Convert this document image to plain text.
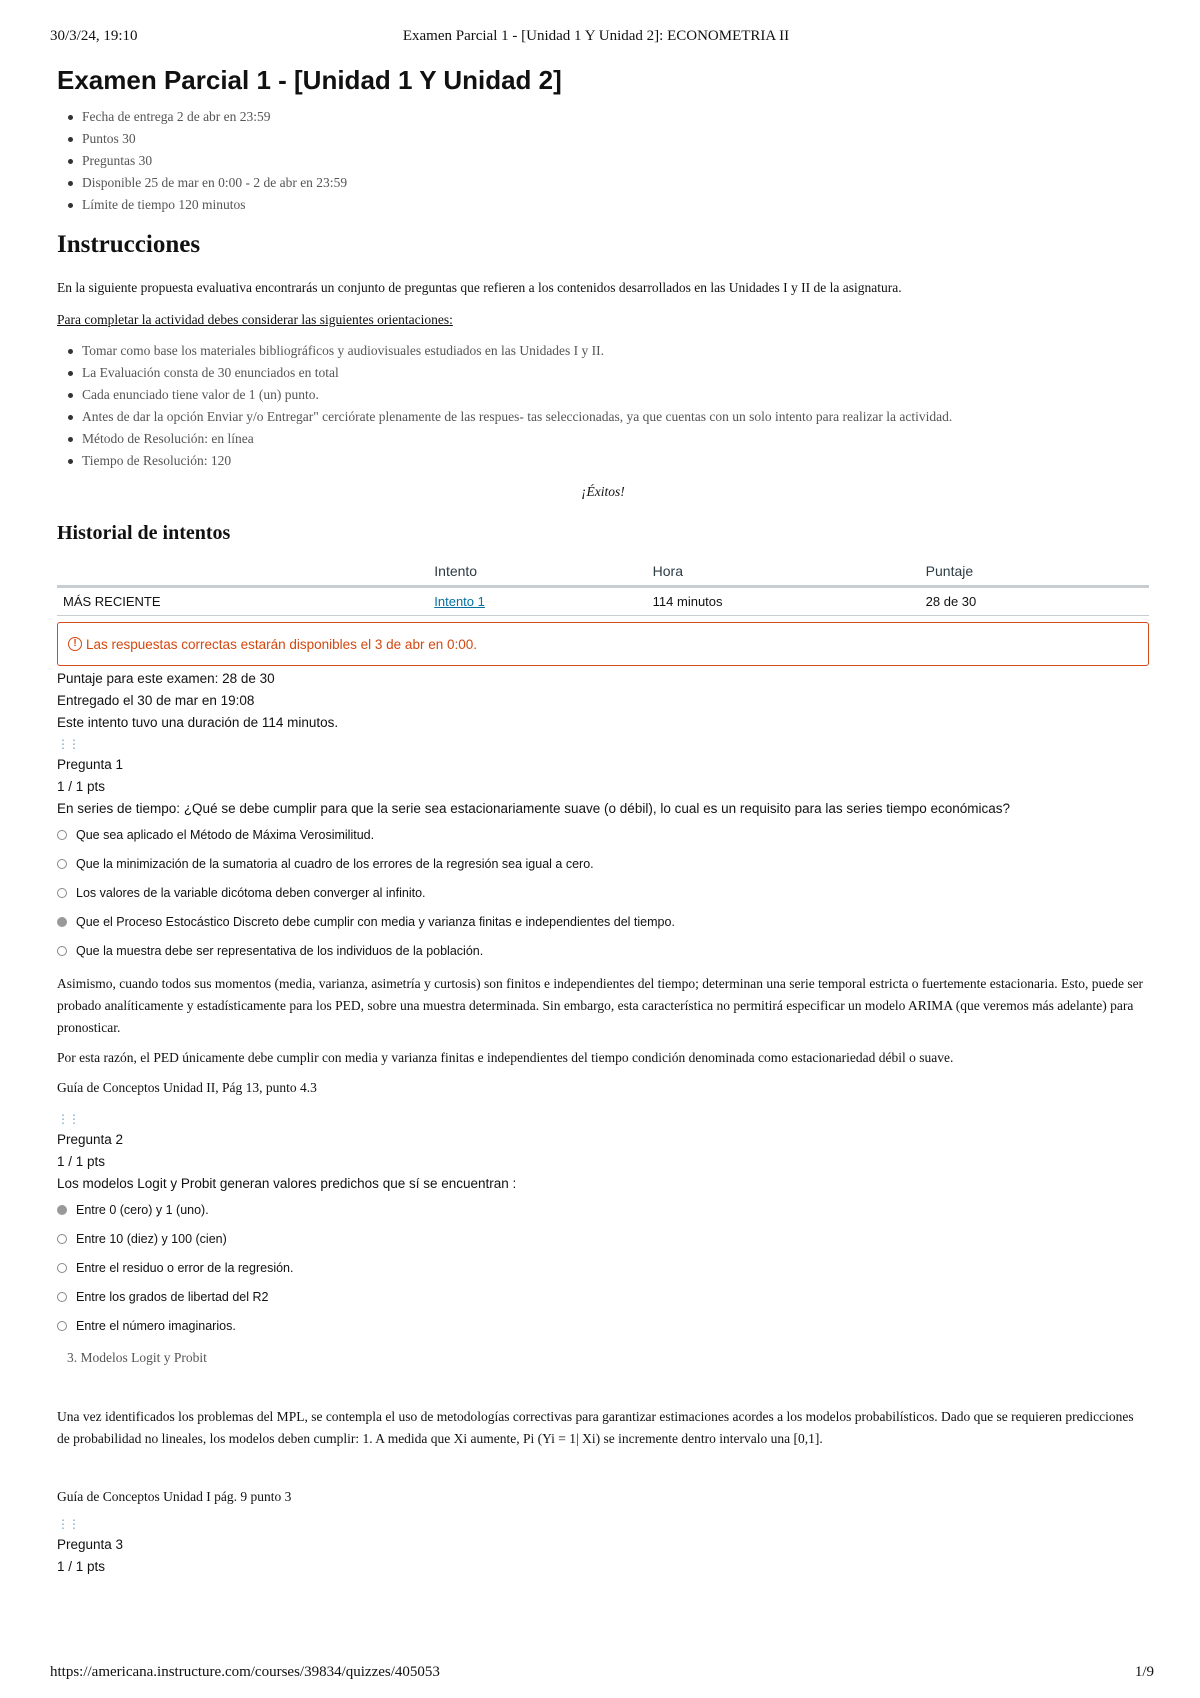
30/3/24, 19:10	Examen Parcial 1 - [Unidad 1 Y Unidad 2]: ECONOMETRIA II
Examen Parcial 1 - [Unidad 1 Y Unidad 2]
Fecha de entrega 2 de abr en 23:59
Puntos 30
Preguntas 30
Disponible 25 de mar en 0:00 - 2 de abr en 23:59
Límite de tiempo 120 minutos
Instrucciones

En la siguiente propuesta evaluativa encontrarás un conjunto de preguntas que refieren a los contenidos desarrollados en las Unidades I y II de la asignatura.

Para completar la actividad debes considerar las siguientes orientaciones:

Tomar como base los materiales bibliográficos y audiovisuales estudiados en las Unidades I y II.
La Evaluación consta de 30 enunciados en total
Cada enunciado tiene valor de 1 (un) punto.
Antes de dar la opción Enviar y/o Entregar" cerciórate plenamente de las respues- tas seleccionadas, ya que cuentas con un solo intento para realizar la actividad.
Método de Resolución: en línea
Tiempo de Resolución: 120
¡Éxitos!
Historial de intentos
	Intento	Hora	Puntaje
MÁS RECIENTE	Intento 1	114 minutos	28 de 30
! Las respuestas correctas estarán disponibles el 3 de abr en 0:00.
Puntaje para este examen: 28 de 30
Entregado el 30 de mar en 19:08
Este intento tuvo una duración de 114 minutos.
⋮⋮
Pregunta 1
1 / 1 pts
En series de tiempo: ¿Qué se debe cumplir para que la serie sea estacionariamente suave (o débil), lo cual es un requisito para las series tiempo económicas?
Que sea aplicado el Método de Máxima Verosimilitud.
Que la minimización de la sumatoria al cuadro de los errores de la regresión sea igual a cero.
Los valores de la variable dicótoma deben converger al infinito.
Que el Proceso Estocástico Discreto debe cumplir con media y varianza finitas e independientes del tiempo.
Que la muestra debe ser representativa de los individuos de la población.

Asimismo, cuando todos sus momentos (media, varianza, asimetría y curtosis) son finitos e independientes del tiempo; determinan una serie temporal estricta o fuertemente estacionaria. Esto, puede ser probado analíticamente y estadísticamente para los PED, sobre una muestra determinada. Sin embargo, esta característica no permitirá especificar un modelo ARIMA (que veremos más adelante) para pronosticar.

Por esta razón, el PED únicamente debe cumplir con media y varianza finitas e independientes del tiempo condición denominada como estacionariedad débil o suave.

Guía de Conceptos Unidad II, Pág 13, punto 4.3

⋮⋮
Pregunta 2
1 / 1 pts
Los modelos Logit y Probit generan valores predichos que sí se encuentran :
Entre 0 (cero) y 1 (uno).
Entre 10 (diez) y 100 (cien)
Entre el residuo o error de la regresión.
Entre los grados de libertad del R2
Entre el número imaginarios.
3. Modelos Logit y Probit

Una vez identificados los problemas del MPL, se contempla el uso de metodologías correctivas para garantizar estimaciones acordes a los modelos probabilísticos. Dado que se requieren predicciones de probabilidad no lineales, los modelos deben cumplir: 1. A medida que Xi aumente, Pi (Yi = 1| Xi) se incremente dentro intervalo una [0,1].

Guía de Conceptos Unidad I pág. 9 punto 3

⋮⋮
Pregunta 3
1 / 1 pts
https://americana.instructure.com/courses/39834/quizzes/405053	1/9
